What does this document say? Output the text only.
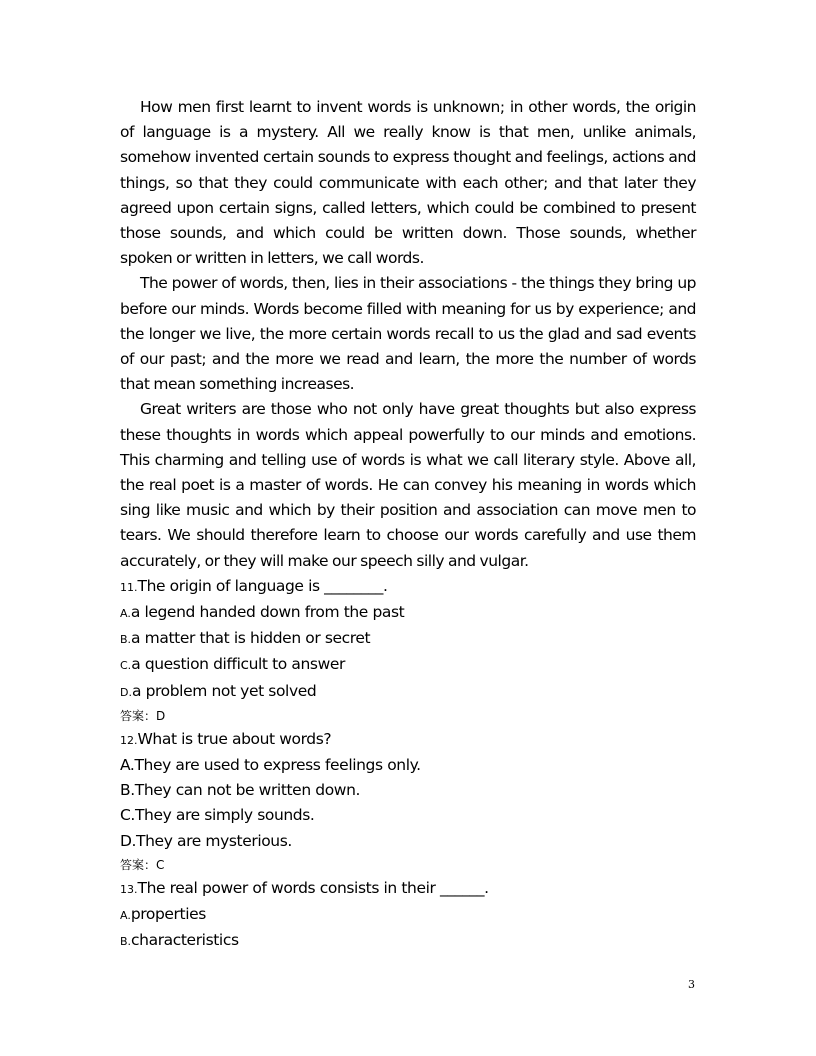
How men first learnt to invent words is unknown; in other words, the origin of language is a mystery. All we really know is that men, unlike animals, somehow invented certain sounds to express thought and feelings, actions and things, so that they could communicate with each other; and that later they agreed upon certain signs, called letters, which could be combined to present those sounds, and which could be written down. Those sounds, whether spoken or written in letters, we call words.

The power of words, then, lies in their associations - the things they bring up before our minds. Words become filled with meaning for us by experience; and the longer we live, the more certain words recall to us the glad and sad events of our past; and the more we read and learn, the more the number of words that mean something increases.

Great writers are those who not only have great thoughts but also express these thoughts in words which appeal powerfully to our minds and emotions. This charming and telling use of words is what we call literary style. Above all, the real poet is a master of words. He can convey his meaning in words which sing like music and which by their position and association can move men to tears. We should therefore learn to choose our words carefully and use them accurately, or they will make our speech silly and vulgar.

11.The origin of language is ________.

A.a legend handed down from the past

B.a matter that is hidden or secret

C.a question difficult to answer

D.a problem not yet solved

答案：D

12.What is true about words?

A.They are used to express feelings only.

B.They can not be written down.

C.They are simply sounds.

D.They are mysterious.

答案：C

13.The real power of words consists in their ______.

A.properties

B.characteristics

3
